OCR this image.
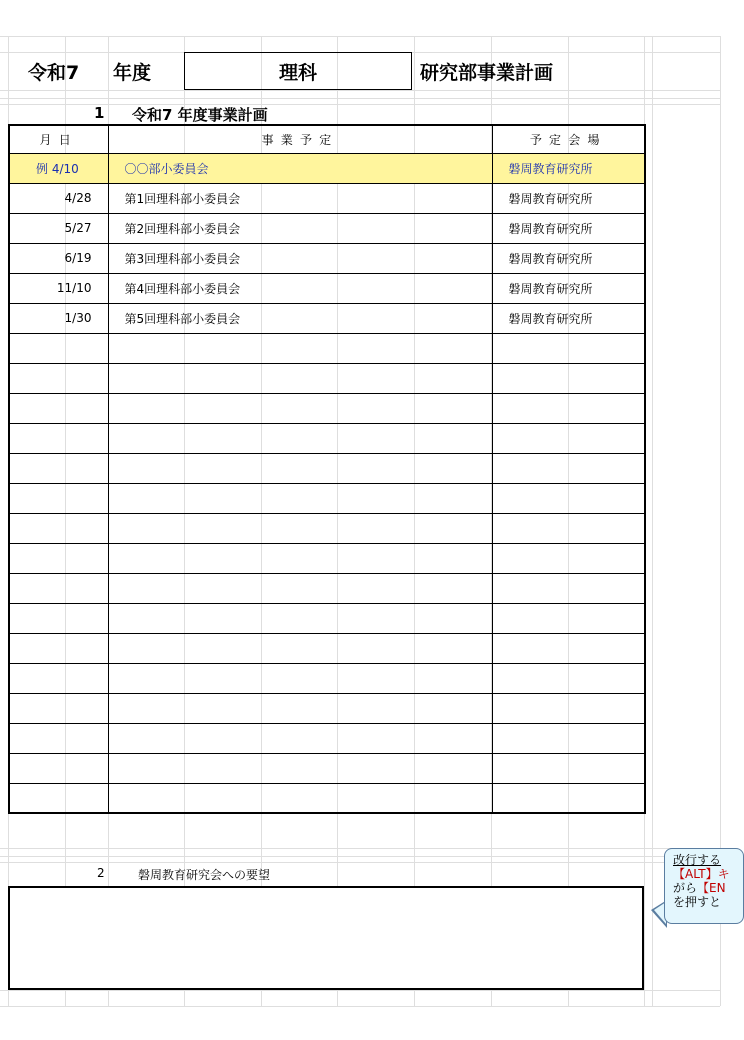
令和7 年度	理科	研究部事業計画
1 令和7 年度事業計画
月日	事業予定	予定会場
例 4/10	〇〇部小委員会	磐周教育研究所
4/28	第1回理科部小委員会	磐周教育研究所
5/27	第2回理科部小委員会	磐周教育研究所
6/19	第3回理科部小委員会	磐周教育研究所
11/10	第4回理科部小委員会	磐周教育研究所
1/30	第5回理科部小委員会	磐周教育研究所

2	磐周教育研究会への要望
改行する
【ALT】キ
がら【EN
を押すと
